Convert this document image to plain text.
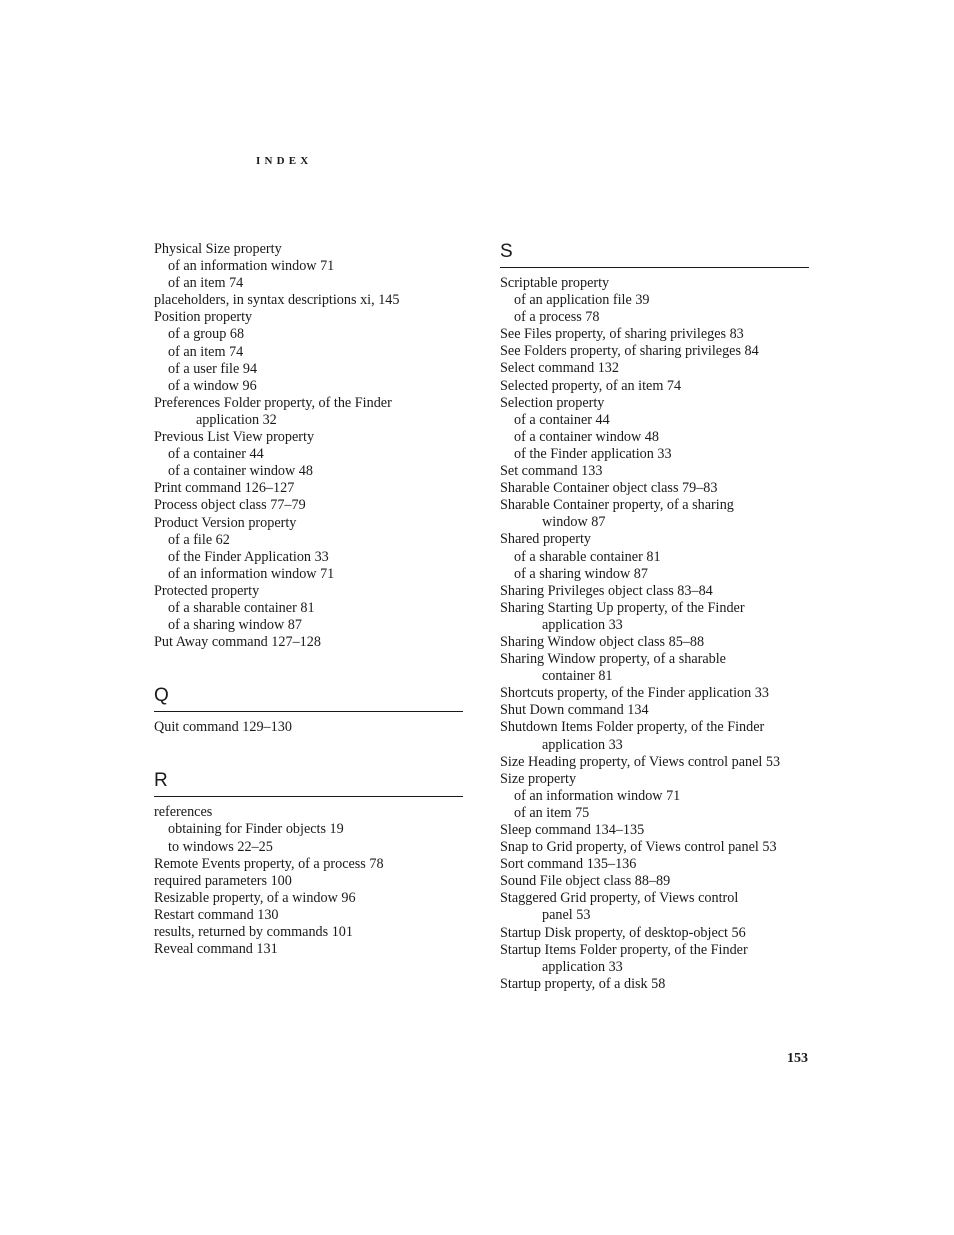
INDEX
Physical Size property
of an information window 71
of an item 74
placeholders, in syntax descriptions xi, 145
Position property
of a group 68
of an item 74
of a user file 94
of a window 96
Preferences Folder property, of the Finder
application 32
Previous List View property
of a container 44
of a container window 48
Print command 126–127
Process object class 77–79
Product Version property
of a file 62
of the Finder Application 33
of an information window 71
Protected property
of a sharable container 81
of a sharing window 87
Put Away command 127–128
Q
Quit command 129–130
R
references
obtaining for Finder objects 19
to windows 22–25
Remote Events property, of a process 78
required parameters 100
Resizable property, of a window 96
Restart command 130
results, returned by commands 101
Reveal command 131
S
Scriptable property
of an application file 39
of a process 78
See Files property, of sharing privileges 83
See Folders property, of sharing privileges 84
Select command 132
Selected property, of an item 74
Selection property
of a container 44
of a container window 48
of the Finder application 33
Set command 133
Sharable Container object class 79–83
Sharable Container property, of a sharing
window 87
Shared property
of a sharable container 81
of a sharing window 87
Sharing Privileges object class 83–84
Sharing Starting Up property, of the Finder
application 33
Sharing Window object class 85–88
Sharing Window property, of a sharable
container 81
Shortcuts property, of the Finder application 33
Shut Down command 134
Shutdown Items Folder property, of the Finder
application 33
Size Heading property, of Views control panel 53
Size property
of an information window 71
of an item 75
Sleep command 134–135
Snap to Grid property, of Views control panel 53
Sort command 135–136
Sound File object class 88–89
Staggered Grid property, of Views control
panel 53
Startup Disk property, of desktop-object 56
Startup Items Folder property, of the Finder
application 33
Startup property, of a disk 58
153
